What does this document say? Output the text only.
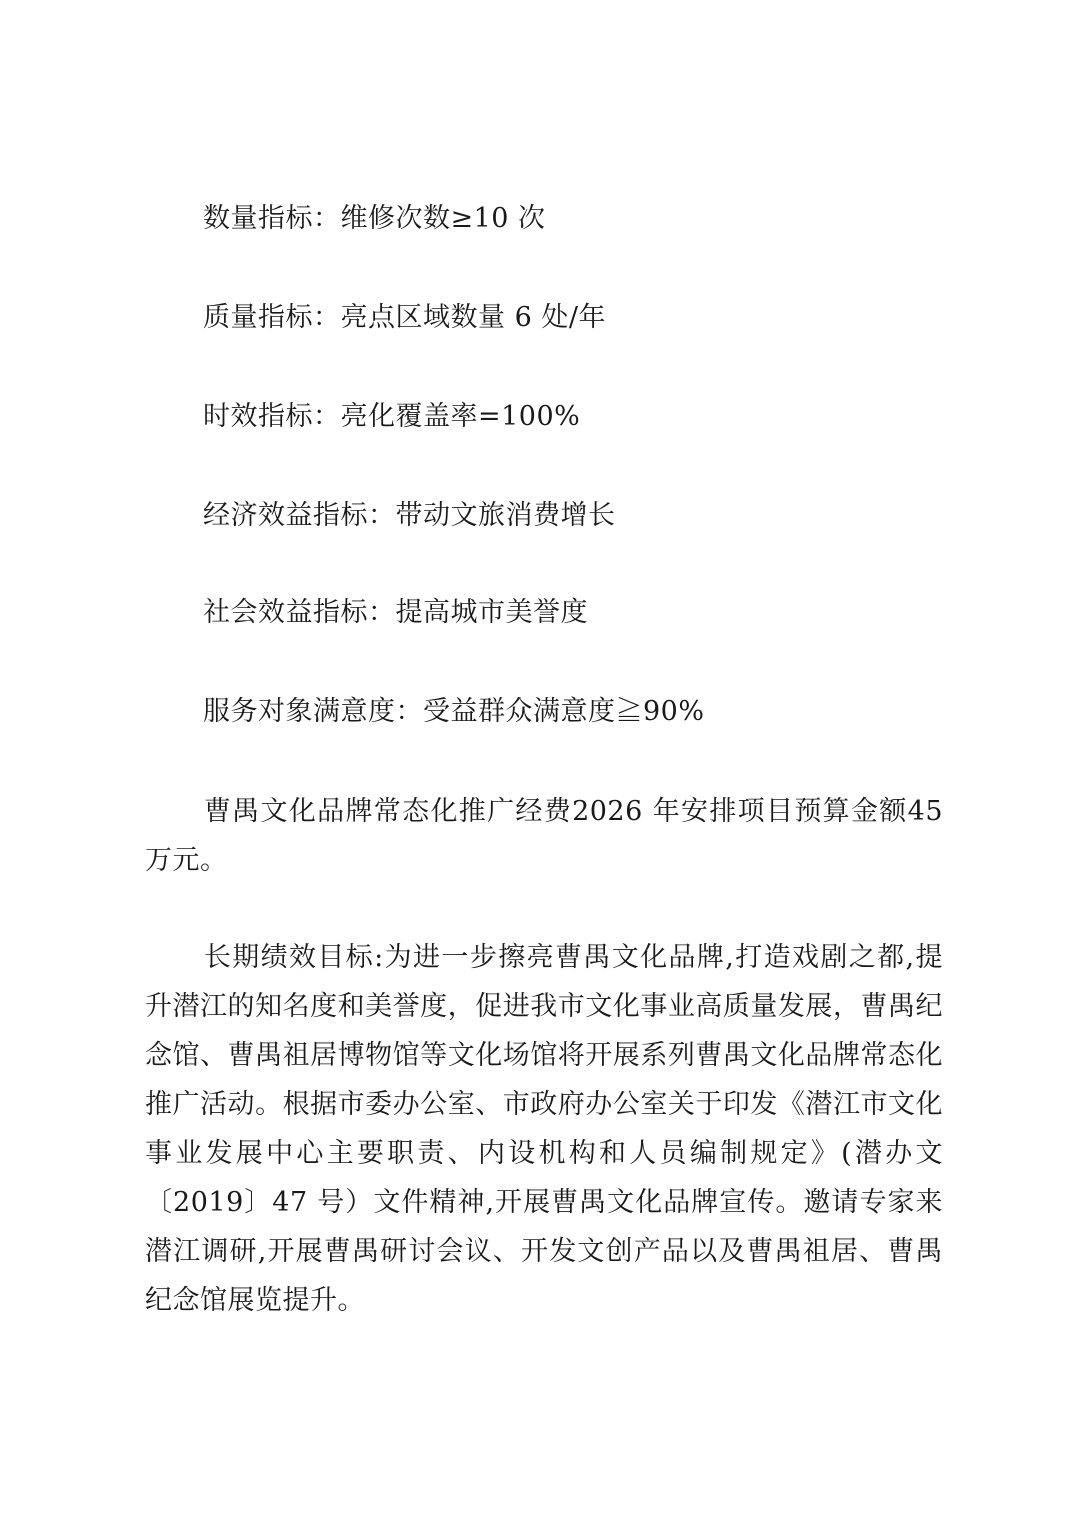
数量指标：维修次数≥10 次
质量指标：亮点区域数量 6 处/年
时效指标：亮化覆盖率=100%
经济效益指标：带动文旅消费增长
社会效益指标：提高城市美誉度
服务对象满意度：受益群众满意度≧90%
曹禺文化品牌常态化推广经费2026 年安排项目预算金额45 万元。
长期绩效目标:为进一步擦亮曹禺文化品牌,打造戏剧之都,提升潜江的知名度和美誉度，促进我市文化事业高质量发展，曹禺纪念馆、曹禺祖居博物馆等文化场馆将开展系列曹禺文化品牌常态化推广活动。根据市委办公室、市政府办公室关于印发《潜江市文化事业发展中心主要职责、内设机构和人员编制规定》(潜办文〔2019〕47 号）文件精神,开展曹禺文化品牌宣传。邀请专家来潜江调研,开展曹禺研讨会议、开发文创产品以及曹禺祖居、曹禺纪念馆展览提升。
